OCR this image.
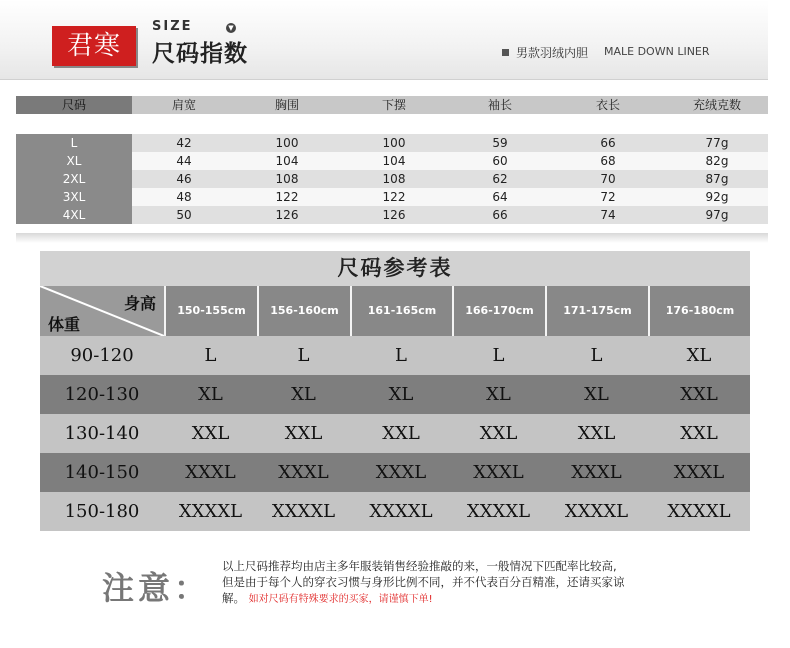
君寒
SIZE	▼
尺码指数	男款羽绒内胆 MALE DOWN LINER
尺码	肩宽	胸围	下摆	袖长	衣长	充绒克数
L	42	100	100	59	66	77g
XL	44	104	104	60	68	82g
2XL	46	108	108	62	70	87g
3XL	48	122	122	64	72	92g
4XL	50	126	126	66	74	97g
尺码参考表
身高
体重
150-155cm	156-160cm	161-165cm	166-170cm	171-175cm	176-180cm
90-120	L	L	L	L	L	XL
120-130	XL	XL	XL	XL	XL	XXL
130-140	XXL	XXL	XXL	XXL	XXL	XXL
140-150	XXXL	XXXL	XXXL	XXXL	XXXL	XXXL
150-180	XXXXL	XXXXL	XXXXL	XXXXL	XXXXL	XXXXL
注意：
以上尺码推荐均由店主多年服装销售经验推敲的来，一般情况下匹配率比较高,
但是由于每个人的穿衣习惯与身形比例不同，并不代表百分百精准，还请买家谅
解。 如对尺码有特殊要求的买家，请谨慎下单!
